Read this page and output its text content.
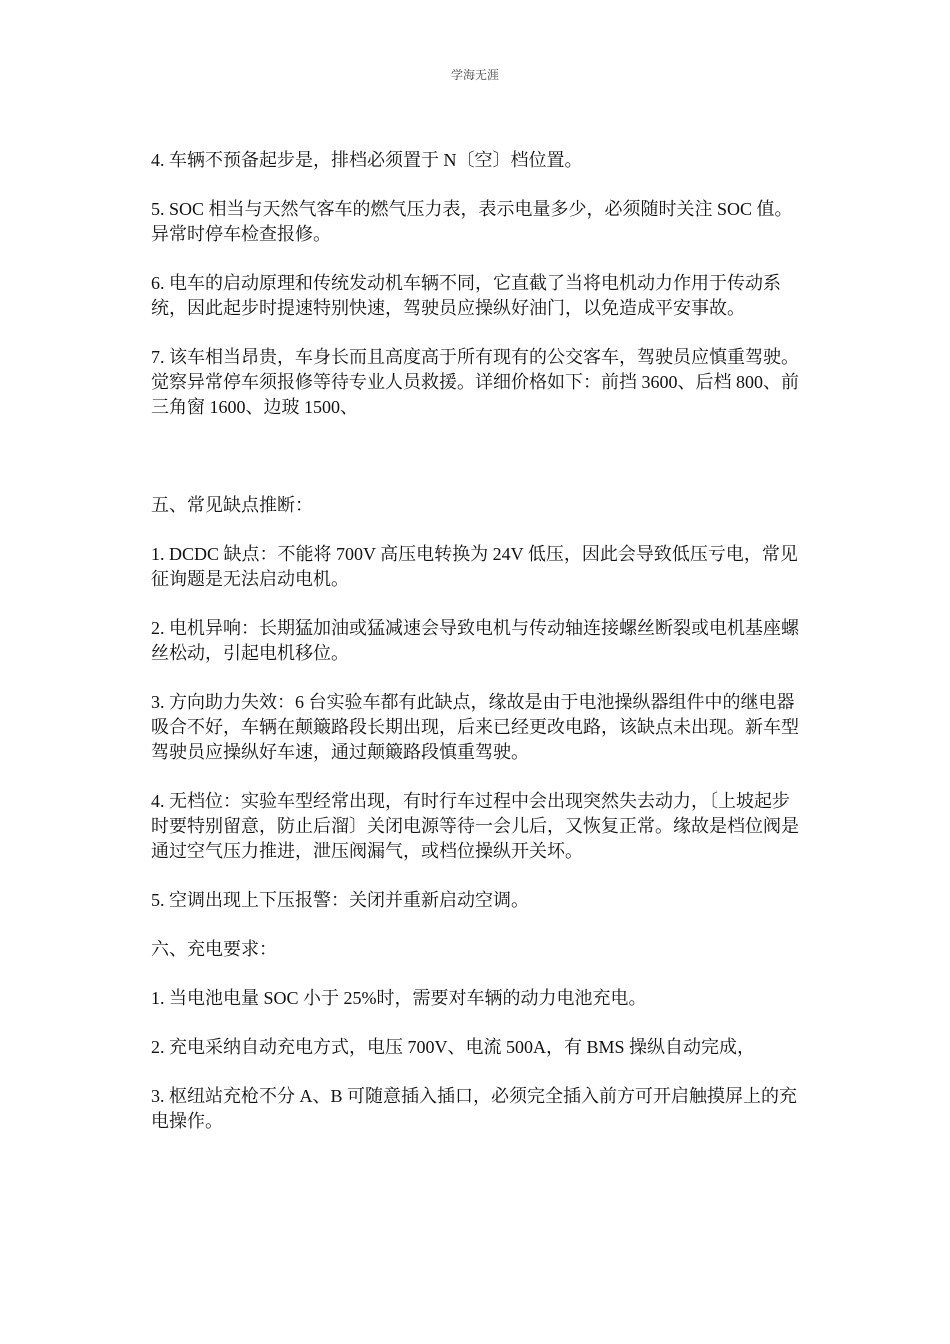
学海无涯

4. 车辆不预备起步是，排档必须置于 N〔空〕档位置。

5. SOC 相当与天然气客车的燃气压力表，表示电量多少，必须随时关注 SOC 值。异常时停车检查报修。

6. 电车的启动原理和传统发动机车辆不同，它直截了当将电机动力作用于传动系统，因此起步时提速特别快速，驾驶员应操纵好油门，以免造成平安事故。

7. 该车相当昂贵，车身长而且高度高于所有现有的公交客车，驾驶员应慎重驾驶。觉察异常停车须报修等待专业人员救援。详细价格如下：前挡 3600、后档 800、前三角窗 1600、边玻 1500、

五、常见缺点推断：

1. DCDC 缺点：不能将 700V 高压电转换为 24V 低压，因此会导致低压亏电，常见征询题是无法启动电机。

2. 电机异响：长期猛加油或猛减速会导致电机与传动轴连接螺丝断裂或电机基座螺丝松动，引起电机移位。

3. 方向助力失效：6 台实验车都有此缺点，缘故是由于电池操纵器组件中的继电器吸合不好，车辆在颠簸路段长期出现，后来已经更改电路，该缺点未出现。新车型驾驶员应操纵好车速，通过颠簸路段慎重驾驶。

4. 无档位：实验车型经常出现，有时行车过程中会出现突然失去动力，〔上坡起步时要特别留意，防止后溜〕关闭电源等待一会儿后，又恢复正常。缘故是档位阀是通过空气压力推进，泄压阀漏气，或档位操纵开关坏。

5. 空调出现上下压报警：关闭并重新启动空调。

六、充电要求：

1. 当电池电量 SOC 小于 25%时，需要对车辆的动力电池充电。

2. 充电采纳自动充电方式，电压 700V、电流 500A，有 BMS 操纵自动完成，

3. 枢纽站充枪不分 A、B 可随意插入插口，必须完全插入前方可开启触摸屏上的充电操作。
